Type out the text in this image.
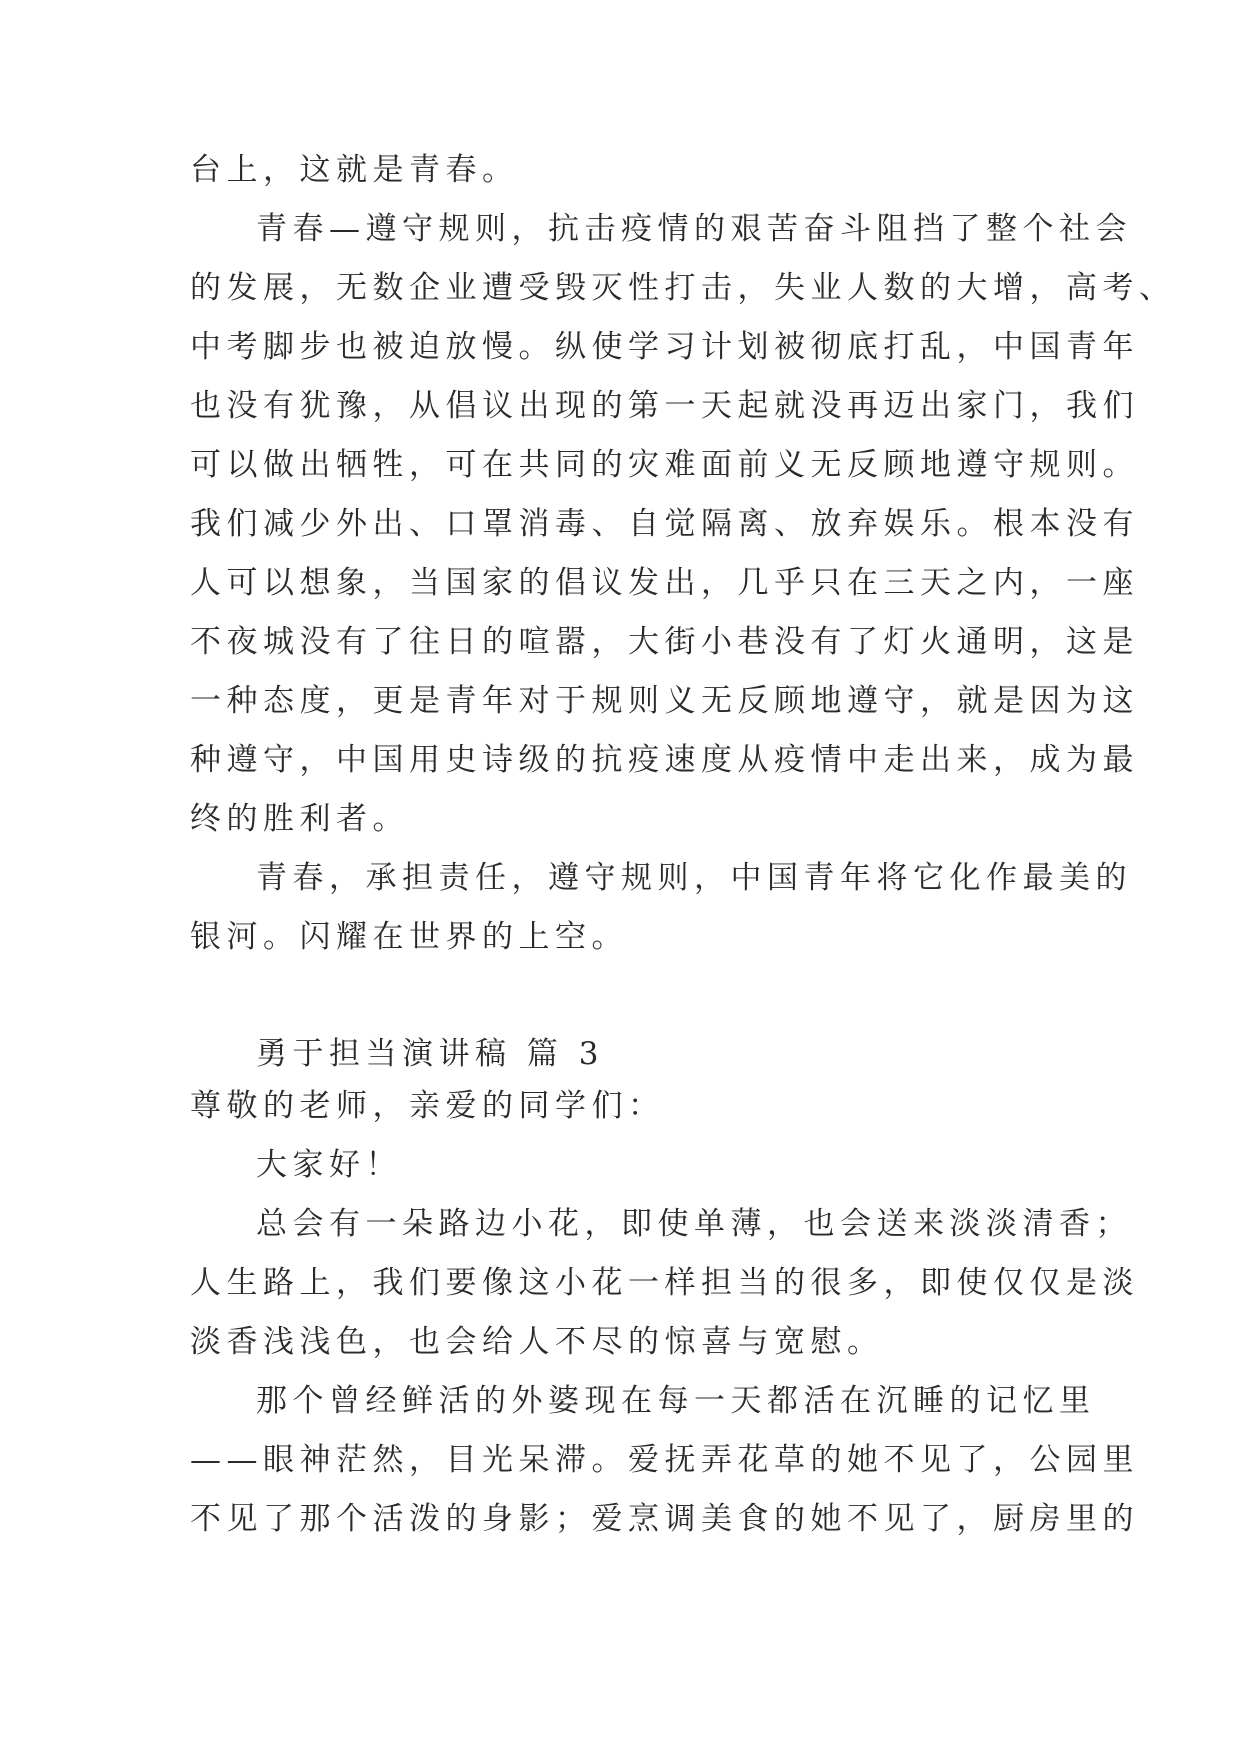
台上，这就是青春。
青春—遵守规则，抗击疫情的艰苦奋斗阻挡了整个社会
的发展，无数企业遭受毁灭性打击，失业人数的大增，高考、
中考脚步也被迫放慢。纵使学习计划被彻底打乱，中国青年
也没有犹豫，从倡议出现的第一天起就没再迈出家门，我们
可以做出牺牲，可在共同的灾难面前义无反顾地遵守规则。
我们减少外出、口罩消毒、自觉隔离、放弃娱乐。根本没有
人可以想象，当国家的倡议发出，几乎只在三天之内，一座
不夜城没有了往日的喧嚣，大街小巷没有了灯火通明，这是
一种态度，更是青年对于规则义无反顾地遵守，就是因为这
种遵守，中国用史诗级的抗疫速度从疫情中走出来，成为最
终的胜利者。
青春，承担责任，遵守规则，中国青年将它化作最美的
银河。闪耀在世界的上空。
勇于担当演讲稿 篇 3
尊敬的老师，亲爱的同学们：
大家好！
总会有一朵路边小花，即使单薄，也会送来淡淡清香；
人生路上，我们要像这小花一样担当的很多，即使仅仅是淡
淡香浅浅色，也会给人不尽的惊喜与宽慰。
那个曾经鲜活的外婆现在每一天都活在沉睡的记忆里
——眼神茫然，目光呆滞。爱抚弄花草的她不见了，公园里
不见了那个活泼的身影；爱烹调美食的她不见了，厨房里的
